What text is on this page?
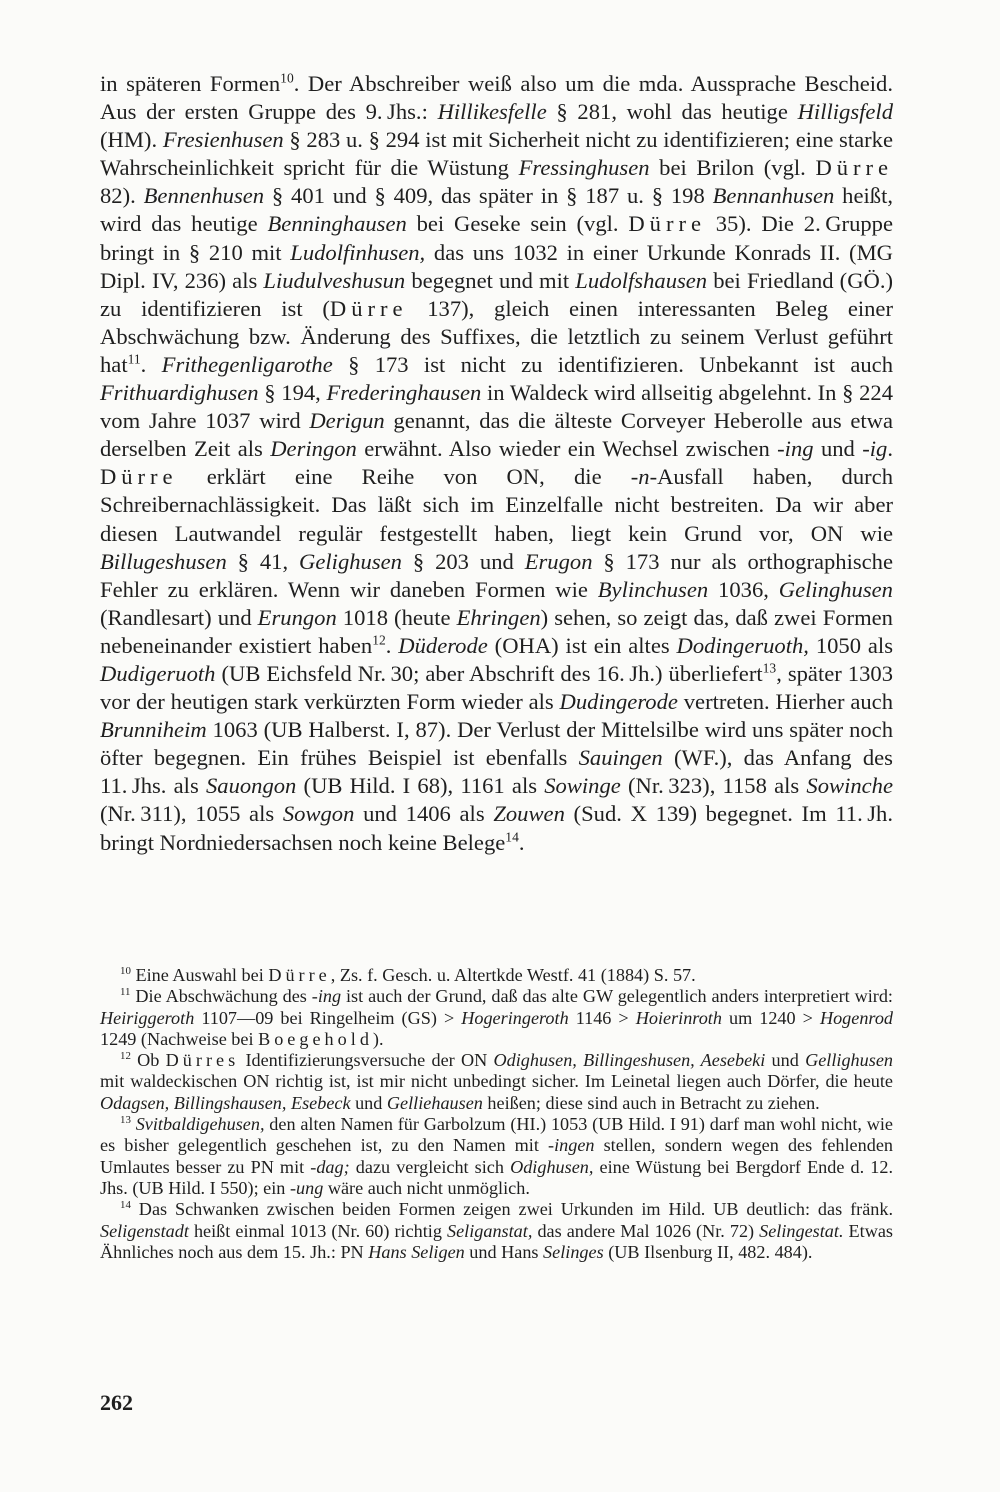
in späteren Formen$^{10}$. Der Abschreiber weiß also um die mda. Aussprache Bescheid. Aus der ersten Gruppe des 9. Jhs.: Hillikesfelle § 281, wohl das heutige Hilligsfeld (HM). Fresienhusen § 283 u. § 294 ist mit Sicherheit nicht zu identifizieren; eine starke Wahrscheinlichkeit spricht für die Wüstung Fressinghusen bei Brilon (vgl. Dürre 82). Bennenhusen § 401 und § 409, das später in § 187 u. § 198 Bennanhusen heißt, wird das heutige Benninghausen bei Geseke sein (vgl. Dürre 35). Die 2. Gruppe bringt in § 210 mit Ludolfinhusen, das uns 1032 in einer Urkunde Konrads II. (MG Dipl. IV, 236) als Liudulveshusun begegnet und mit Ludolfshausen bei Friedland (GÖ.) zu identifizieren ist (Dürre 137), gleich einen interessanten Beleg einer Abschwächung bzw. Änderung des Suffixes, die letztlich zu seinem Verlust geführt hat$^{11}$. Frithegenligarothe § 173 ist nicht zu identifizieren. Unbekannt ist auch Frithuardighusen § 194, Frederinghausen in Waldeck wird allseitig abgelehnt. In § 224 vom Jahre 1037 wird Derigun genannt, das die älteste Corveyer Heberolle aus etwa derselben Zeit als Deringon erwähnt. Also wieder ein Wechsel zwischen -ing und -ig. Dürre erklärt eine Reihe von ON, die -n-Ausfall haben, durch Schreibernachlässigkeit. Das läßt sich im Einzelfalle nicht bestreiten. Da wir aber diesen Lautwandel regulär festgestellt haben, liegt kein Grund vor, ON wie Billugeshusen § 41, Gelighusen § 203 und Erugon § 173 nur als orthographische Fehler zu erklären. Wenn wir daneben Formen wie Bylinchusen 1036, Gelinghusen (Randlesart) und Erungon 1018 (heute Ehringen) sehen, so zeigt das, daß zwei Formen nebeneinander existiert haben$^{12}$. Düderode (OHA) ist ein altes Dodingeruoth, 1050 als Dudigeruoth (UB Eichsfeld Nr. 30; aber Abschrift des 16. Jh.) überliefert$^{13}$, später 1303 vor der heutigen stark verkürzten Form wieder als Dudingerode vertreten. Hierher auch Brunniheim 1063 (UB Halberst. I, 87). Der Verlust der Mittelsilbe wird uns später noch öfter begegnen. Ein frühes Beispiel ist ebenfalls Sauingen (WF.), das Anfang des 11. Jhs. als Sauongon (UB Hild. I 68), 1161 als Sowinge (Nr. 323), 1158 als Sowinche (Nr. 311), 1055 als Sowgon und 1406 als Zouwen (Sud. X 139) begegnet. Im 11. Jh. bringt Nordniedersachsen noch keine Belege$^{14}$.

$^{10}$ Eine Auswahl bei Dürre, Zs. f. Gesch. u. Altertkde Westf. 41 (1884) S. 57.

$^{11}$ Die Abschwächung des -ing ist auch der Grund, daß das alte GW gelegentlich anders interpretiert wird: Heiriggeroth 1107—09 bei Ringelheim (GS) > Hogeringeroth 1146 > Hoierinroth um 1240 > Hogenrod 1249 (Nachweise bei Boegehold).

$^{12}$ Ob Dürres Identifizierungsversuche der ON Odighusen, Billingeshusen, Aesebeki und Gellighusen mit waldeckischen ON richtig ist, ist mir nicht unbedingt sicher. Im Leinetal liegen auch Dörfer, die heute Odagsen, Billingshausen, Esebeck und Gelliehausen heißen; diese sind auch in Betracht zu ziehen.

$^{13}$ Svitbaldigehusen, den alten Namen für Garbolzum (HI.) 1053 (UB Hild. I 91) darf man wohl nicht, wie es bisher gelegentlich geschehen ist, zu den Namen mit -ingen stellen, sondern wegen des fehlenden Umlautes besser zu PN mit -dag; dazu vergleicht sich Odighusen, eine Wüstung bei Bergdorf Ende d. 12. Jhs. (UB Hild. I 550); ein -ung wäre auch nicht unmöglich.

$^{14}$ Das Schwanken zwischen beiden Formen zeigen zwei Urkunden im Hild. UB deutlich: das fränk. Seligenstadt heißt einmal 1013 (Nr. 60) richtig Seliganstat, das andere Mal 1026 (Nr. 72) Selingestat. Etwas Ähnliches noch aus dem 15. Jh.: PN Hans Seligen und Hans Selinges (UB Ilsenburg II, 482. 484).

262
